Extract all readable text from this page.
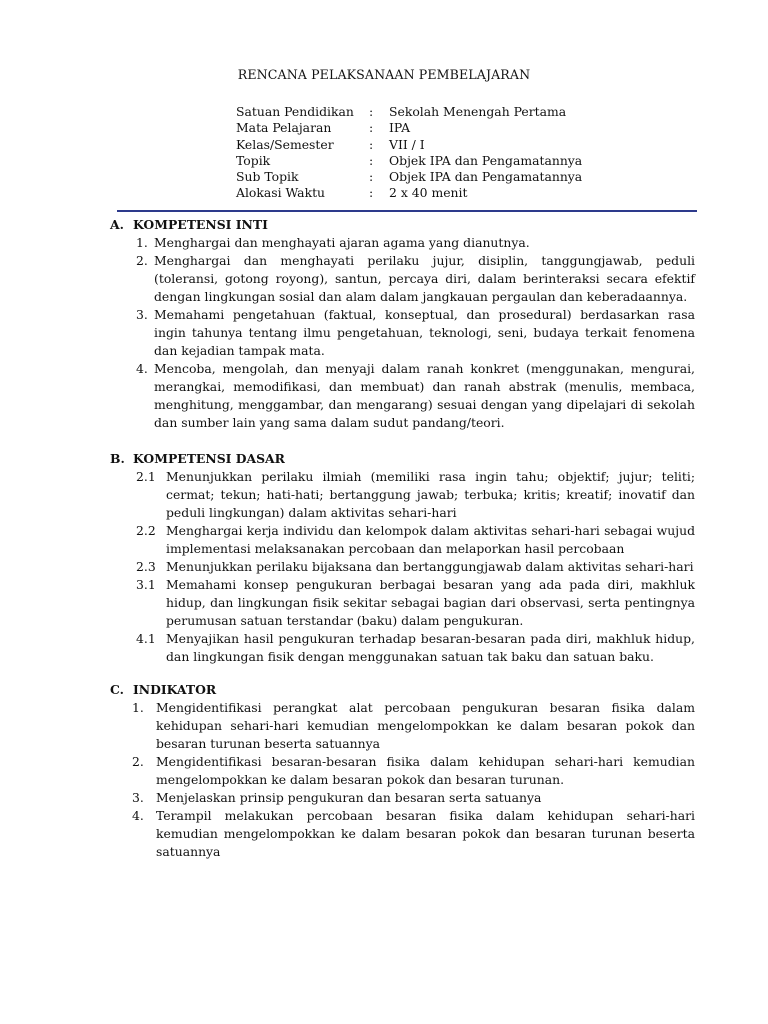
RENCANA PELAKSANAAN PEMBELAJARAN
Satuan Pendidikan	:	Sekolah Menengah Pertama
Mata Pelajaran	:	IPA
Kelas/Semester	:	VII / I
Topik	:	Objek IPA dan Pengamatannya
Sub Topik	:	Objek IPA dan Pengamatannya
Alokasi Waktu	:	2 x 40 menit
A. KOMPETENSI INTI
1. Menghargai dan menghayati ajaran agama yang dianutnya.
2. Menghargai dan menghayati perilaku jujur, disiplin, tanggungjawab, peduli (toleransi, gotong royong), santun, percaya diri, dalam berinteraksi secara efektif dengan lingkungan sosial dan alam dalam jangkauan pergaulan dan keberadaannya.
3. Memahami pengetahuan (faktual, konseptual, dan prosedural) berdasarkan rasa ingin tahunya tentang ilmu pengetahuan, teknologi, seni, budaya terkait fenomena dan kejadian tampak mata.
4. Mencoba, mengolah, dan menyaji dalam ranah konkret (menggunakan, mengurai, merangkai, memodifikasi, dan membuat) dan ranah abstrak (menulis, membaca, menghitung, menggambar, dan mengarang) sesuai dengan yang dipelajari di sekolah dan sumber lain yang sama dalam sudut pandang/teori.
B. KOMPETENSI DASAR
2.1 Menunjukkan perilaku ilmiah (memiliki rasa ingin tahu; objektif; jujur; teliti; cermat; tekun; hati-hati; bertanggung jawab; terbuka; kritis; kreatif; inovatif dan peduli lingkungan) dalam aktivitas sehari-hari
2.2 Menghargai kerja individu dan kelompok dalam aktivitas sehari-hari sebagai wujud implementasi melaksanakan percobaan dan melaporkan hasil percobaan
2.3 Menunjukkan perilaku bijaksana dan bertanggungjawab dalam aktivitas sehari-hari
3.1 Memahami konsep pengukuran berbagai besaran yang ada pada diri, makhluk hidup, dan lingkungan fisik sekitar sebagai bagian dari observasi, serta pentingnya perumusan satuan terstandar (baku) dalam pengukuran.
4.1 Menyajikan hasil pengukuran terhadap besaran-besaran pada diri, makhluk hidup, dan lingkungan fisik dengan menggunakan satuan tak baku dan satuan baku.
C. INDIKATOR
1. Mengidentifikasi perangkat alat percobaan pengukuran besaran fisika dalam kehidupan sehari-hari kemudian mengelompokkan ke dalam besaran pokok dan besaran turunan beserta satuannya
2. Mengidentifikasi besaran-besaran fisika dalam kehidupan sehari-hari kemudian mengelompokkan ke dalam besaran pokok dan besaran turunan.
3. Menjelaskan prinsip pengukuran dan besaran serta satuanya
4. Terampil melakukan percobaan besaran fisika dalam kehidupan sehari-hari kemudian mengelompokkan ke dalam besaran pokok dan besaran turunan beserta satuannya
